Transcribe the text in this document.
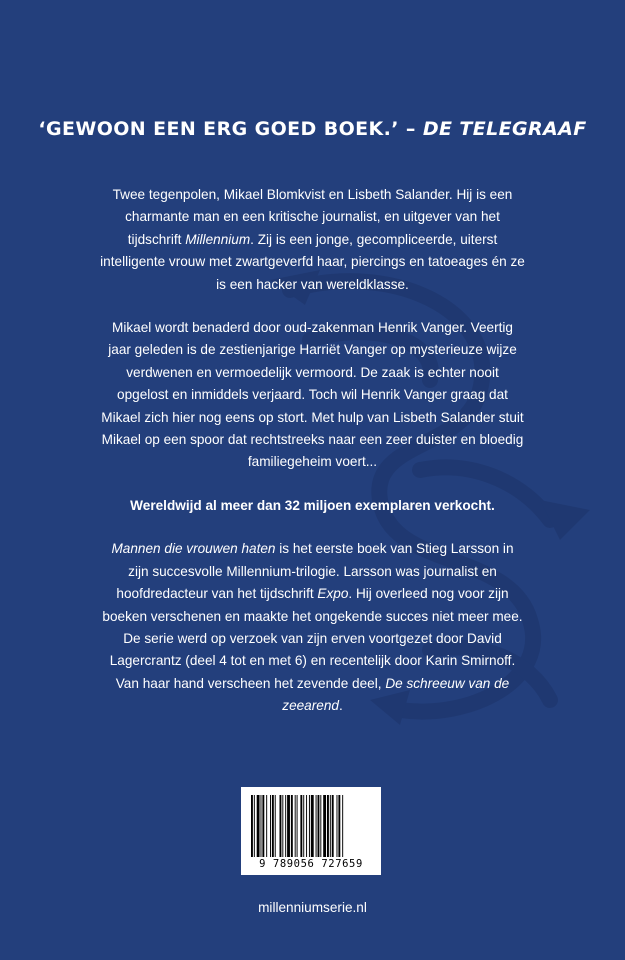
‘GEWOON EEN ERG GOED BOEK.’ – DE TELEGRAAF

Twee tegenpolen, Mikael Blomkvist en Lisbeth Salander. Hij is een charmante man en een kritische journalist, en uitgever van het tijdschrift Millennium. Zij is een jonge, gecompliceerde, uiterst intelligente vrouw met zwartgeverfd haar, piercings en tatoeages én ze is een hacker van wereldklasse.

Mikael wordt benaderd door oud-zakenman Henrik Vanger. Veertig jaar geleden is de zestienjarige Harriët Vanger op mysterieuze wijze verdwenen en vermoedelijk vermoord. De zaak is echter nooit opgelost en inmiddels verjaard. Toch wil Henrik Vanger graag dat Mikael zich hier nog eens op stort. Met hulp van Lisbeth Salander stuit Mikael op een spoor dat rechtstreeks naar een zeer duister en bloedig familiegeheim voert...

Wereldwijd al meer dan 32 miljoen exemplaren verkocht.

Mannen die vrouwen haten is het eerste boek van Stieg Larsson in zijn succesvolle Millennium-trilogie. Larsson was journalist en hoofdredacteur van het tijdschrift Expo. Hij overleed nog voor zijn boeken verschenen en maakte het ongekende succes niet meer mee. De serie werd op verzoek van zijn erven voortgezet door David Lagercrantz (deel 4 tot en met 6) en recentelijk door Karin Smirnoff. Van haar hand verscheen het zevende deel, De schreeuw van de zeearend.

9 789056 727659
millenniumserie.nl
